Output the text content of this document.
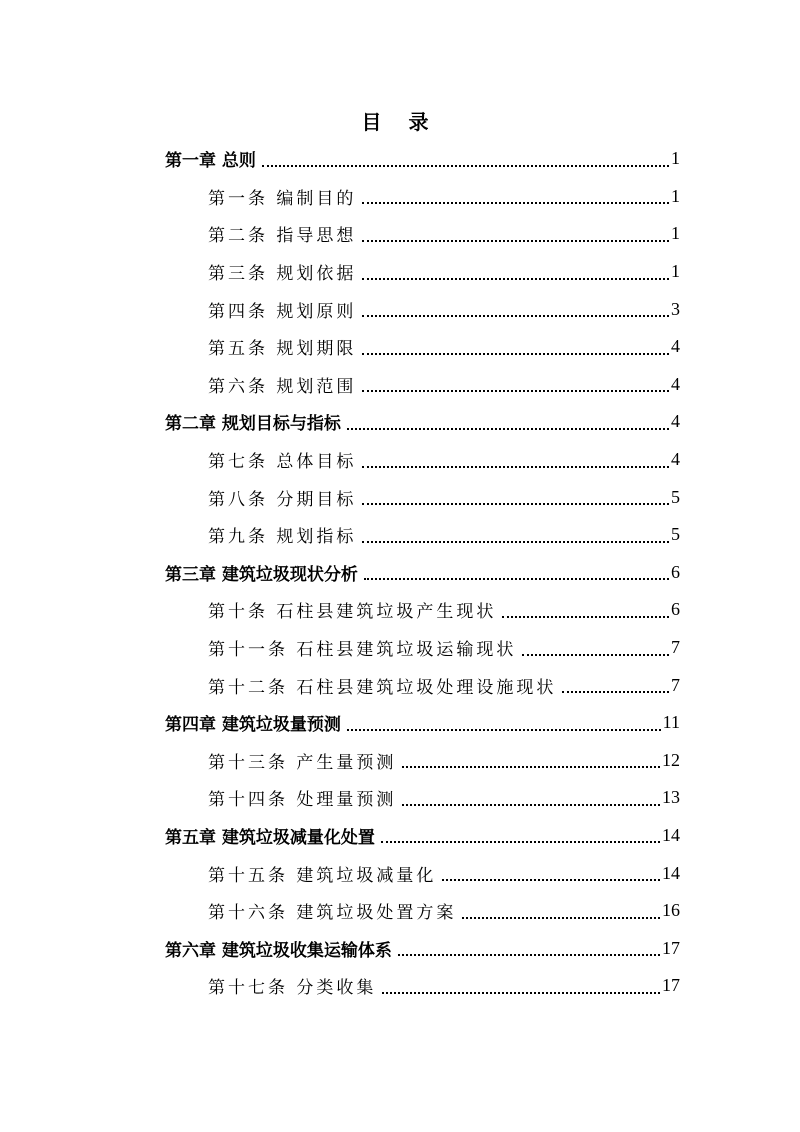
目 录
第一章 总则	1
第一条 编制目的	1
第二条 指导思想	1
第三条 规划依据	1
第四条 规划原则	3
第五条 规划期限	4
第六条 规划范围	4
第二章 规划目标与指标	4
第七条 总体目标	4
第八条 分期目标	5
第九条 规划指标	5
第三章 建筑垃圾现状分析	6
第十条 石柱县建筑垃圾产生现状	6
第十一条 石柱县建筑垃圾运输现状	7
第十二条 石柱县建筑垃圾处理设施现状	7
第四章 建筑垃圾量预测	11
第十三条 产生量预测	12
第十四条 处理量预测	13
第五章 建筑垃圾减量化处置	14
第十五条 建筑垃圾减量化	14
第十六条 建筑垃圾处置方案	16
第六章 建筑垃圾收集运输体系	17
第十七条 分类收集	17
